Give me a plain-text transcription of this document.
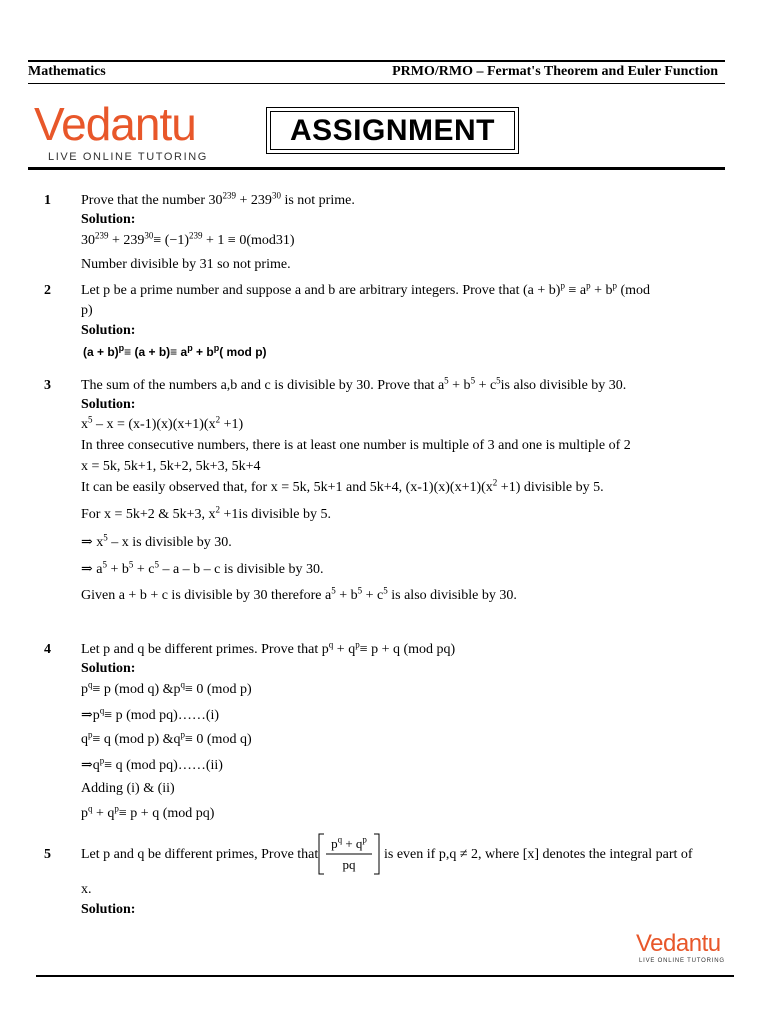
Mathematics	PRMO/RMO – Fermat's Theorem and Euler Function
Vedantu
LIVE ONLINE TUTORING
ASSIGNMENT
1 Prove that the number $30^{239} + 239^{30}$ is not prime.
Solution:
$30^{239} + 239^{30}\equiv (-1)^{239} + 1 \equiv 0(mod31)$
Number divisible by 31 so not prime.
2 Let p be a prime number and suppose a and b are arbitrary integers. Prove that $(a + b)^p \equiv a^p + b^p$ (mod
p)
Solution:
$(a + b)^p\equiv (a + b)\equiv a^p + b^p$( mod p)
3 The sum of the numbers a,b and c is divisible by 30. Prove that $a^5 + b^5 + c^5is$ also divisible by 30.
Solution:
$x^5 - x = (x-1)(x)(x+1)(x^2 +1)$
In three consecutive numbers, there is at least one number is multiple of 3 and one is multiple of 2
x = 5k, 5k+1, 5k+2, 5k+3, 5k+4
It can be easily observed that, for x = 5k, 5k+1 and 5k+4, $(x-1)(x)(x+1)(x^2 +1)$ divisible by 5.
For x = 5k+2 & 5k+3, $x^2 +1is$ divisible by 5.
⇒ $x^5$ – x is divisible by 30.
⇒ $a^5 + b^5 + c^5 - a - b - c$ is divisible by 30.
Given a + b + c is divisible by 30 therefore $a^5 + b^5 + c^5$ is also divisible by 30.
4 Let p and q be different primes. Prove that $p^q + q^p\equiv p + q$ (mod pq)
Solution:
$p^q\equiv p$ (mod q) $\&p^q\equiv 0$ (mod p)
$\Rightarrow p^q\equiv p$ (mod pq)……(i)
$q^p\equiv q$ (mod p) $\&q^p\equiv 0$ (mod q)
$\Rightarrow q^p\equiv q$ (mod pq)……(ii)
Adding (i) & (ii)
$p^q + q^p\equiv p + q$ (mod pq)
5 Let p and q be different primes, Prove that
$p^q + q^p$
pq
is even if p,q ≠ 2, where [x] denotes the integral part of
x.
Solution:
Vedantu
LIVE ONLINE TUTORING
